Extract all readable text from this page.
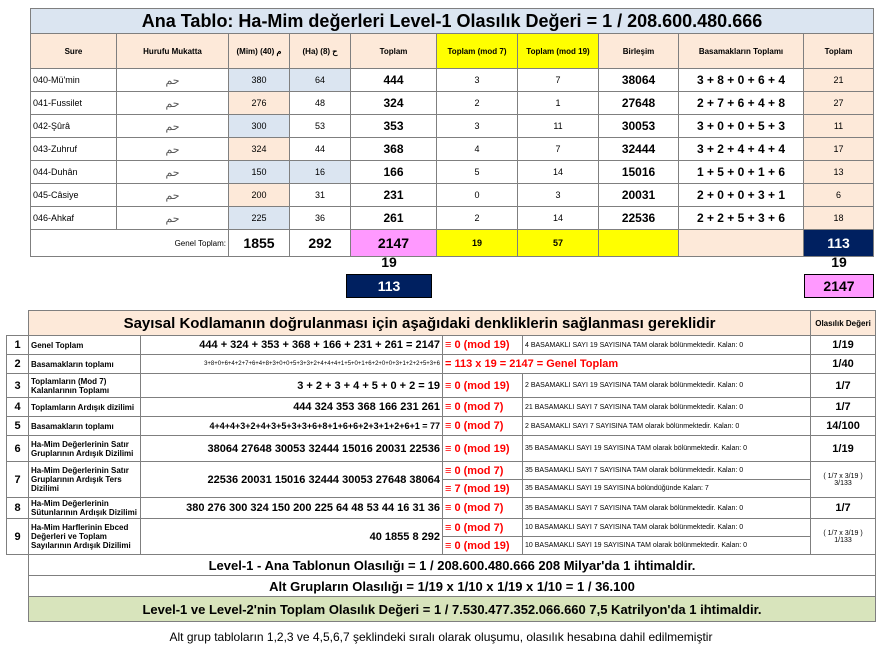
Ana Tablo: Ha-Mim değerleri Level-1 Olasılık Değeri = 1 / 208.600.480.666									
Sure	Hurufu Mukatta	(Mim) م (40)	(Ha) ح (8)	Toplam	Toplam (mod 7)	Toplam (mod 19)	Birleşim	Basamakların Toplamı	Toplam
040-Mü'min	حم	380	64	444	3	7	38064	3 + 8 + 0 + 6 + 4	21
041-Fussilet	حم	276	48	324	2	1	27648	2 + 7 + 6 + 4 + 8	27
042-Şûrâ	حم	300	53	353	3	11	30053	3 + 0 + 0 + 5 + 3	11
043-Zuhruf	حم	324	44	368	4	7	32444	3 + 2 + 4 + 4 + 4	17
044-Duhân	حم	150	16	166	5	14	15016	1 + 5 + 0 + 1 + 6	13
045-Câsiye	حم	200	31	231	0	3	20031	2 + 0 + 0 + 3 + 1	6
046-Ahkaf	حم	225	36	261	2	14	22536	2 + 2 + 5 + 3 + 6	18
Genel Toplam:		1855	292	2147	19	57			113
19
113
19
2147
	Sayısal Kodlamanın doğrulanması için aşağıdaki denkliklerin sağlanması gereklidir				Olasılık Değeri
1	Genel Toplam	444 + 324 + 353 + 368 + 166 + 231 + 261 = 2147	≡ 0 (mod 19)	4 BASAMAKLI SAYI 19 SAYISINA TAM olarak bölünmektedir. Kalan: 0	1/19
2	Basamakların toplamı	3+8+0+6+4+2+7+6+4+8+3+0+0+5+3+3+2+4+4+4+1+5+0+1+6+2+0+0+3+1+2+2+5+3+6	= 113 x 19 = 2147 = Genel Toplam		1/40
3	Toplamların (Mod 7) Kalanlarının Toplamı	3 + 2 + 3 + 4 + 5 + 0 + 2 = 19	≡ 0 (mod 19)	2 BASAMAKLI SAYI 19 SAYISINA TAM olarak bölünmektedir. Kalan: 0	1/7
4	Toplamların Ardışık dizilimi	444 324 353 368 166 231 261	≡ 0 (mod 7)	21 BASAMAKLI SAYI 7 SAYISINA TAM olarak bölünmektedir. Kalan: 0	1/7
5	Basamakların toplamı	4+4+4+3+2+4+3+5+3+3+6+8+1+6+6+2+3+1+2+6+1 = 77	≡ 0 (mod 7)	2 BASAMAKLI SAYI 7 SAYISINA TAM olarak bölünmektedir. Kalan: 0	14/100
6	Ha-Mim Değerlerinin Satır Gruplarının Ardışık Dizilimi	38064 27648 30053 32444 15016 20031 22536	≡ 0 (mod 19)	35 BASAMAKLI SAYI 19 SAYISINA TAM olarak bölünmektedir. Kalan: 0	1/19
7	Ha-Mim Değerlerinin Satır Gruplarının Ardışık Ters Dizilimi	22536 20031 15016 32444 30053 27648 38064	≡ 0 (mod 7)	35 BASAMAKLI SAYI 7 SAYISINA TAM olarak bölünmektedir. Kalan: 0	( 1/7 x 3/19 )
3/133

			≡ 7 (mod 19)	35 BASAMAKLI SAYI 19 SAYISINA bölündüğünde Kalan: 7	
8	Ha-Mim Değerlerinin Sütunlarının Ardışık Dizilimi	380 276 300 324 150 200 225 64 48 53 44 16 31 36	≡ 0 (mod 7)	35 BASAMAKLI SAYI 7 SAYISINA TAM olarak bölünmektedir. Kalan: 0	1/7
9	Ha-Mim Harflerinin Ebced Değerleri ve Toplam Sayılarının Ardışık Dizilimi	40 1855 8 292	≡ 0 (mod 7)	10 BASAMAKLI SAYI 7 SAYISINA TAM olarak bölünmektedir. Kalan: 0	( 1/7 x 3/19 )
1/133

			≡ 0 (mod 19)	10 BASAMAKLI SAYI 19 SAYISINA TAM olarak bölünmektedir. Kalan: 0	
	Level-1 - Ana Tablonun Olasılığı = 1 / 208.600.480.666 208 Milyar'da 1 ihtimaldir.				
	Alt Grupların Olasılığı = 1/19 x 1/10 x 1/19 x 1/10 = 1 / 36.100				
	Level-1 ve Level-2'nin Toplam Olasılık Değeri = 1 / 7.530.477.352.066.660 7,5 Katrilyon'da 1 ihtimaldir.				
Alt grup tabloların 1,2,3 ve 4,5,6,7 şeklindeki sıralı olarak oluşumu, olasılık hesabına dahil edilmemiştir
